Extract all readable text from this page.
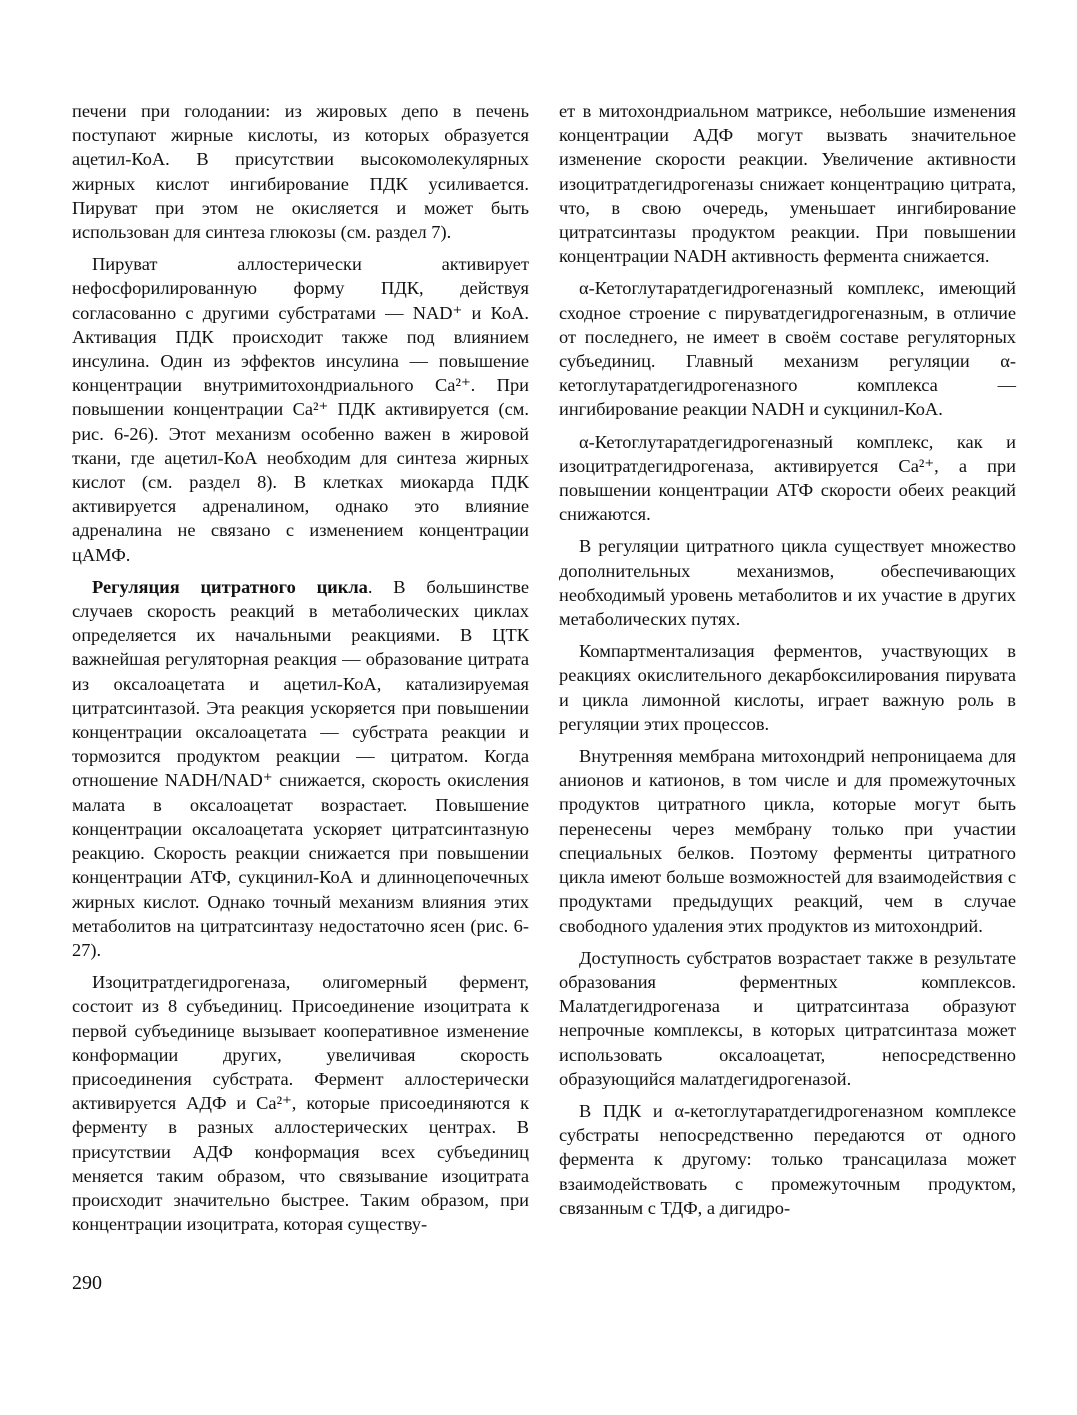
печени при голодании: из жировых депо в печень поступают жирные кислоты, из которых образуется ацетил-КоА. В присутствии высокомолекулярных жирных кислот ингибирование ПДК усиливается. Пируват при этом не окисляется и может быть использован для синтеза глюкозы (см. раздел 7).

Пируват аллостерически активирует нефосфорилированную форму ПДК, действуя согласованно с другими субстратами — NAD⁺ и КоА. Активация ПДК происходит также под влиянием инсулина. Один из эффектов инсулина — повышение концентрации внутримитохондриального Ca²⁺. При повышении концентрации Ca²⁺ ПДК активируется (см. рис. 6-26). Этот механизм особенно важен в жировой ткани, где ацетил-КоА необходим для синтеза жирных кислот (см. раздел 8). В клетках миокарда ПДК активируется адреналином, однако это влияние адреналина не связано с изменением концентрации цАМФ.

Регуляция цитратного цикла. В большинстве случаев скорость реакций в метаболических циклах определяется их начальными реакциями. В ЦТК важнейшая регуляторная реакция — образование цитрата из оксалоацетата и ацетил-КоА, катализируемая цитратсинтазой. Эта реакция ускоряется при повышении концентрации оксалоацетата — субстрата реакции и тормозится продуктом реакции — цитратом. Когда отношение NADH/NAD⁺ снижается, скорость окисления малата в оксалоацетат возрастает. Повышение концентрации оксалоацетата ускоряет цитратсинтазную реакцию. Скорость реакции снижается при повышении концентрации АТФ, сукцинил-КоА и длинноцепочечных жирных кислот. Однако точный механизм влияния этих метаболитов на цитратсинтазу недостаточно ясен (рис. 6-27).

Изоцитратдегидрогеназа, олигомерный фермент, состоит из 8 субъединиц. Присоединение изоцитрата к первой субъединице вызывает кооперативное изменение конформации других, увеличивая скорость присоединения субстрата. Фермент аллостерически активируется АДФ и Ca²⁺, которые присоединяются к ферменту в разных аллостерических центрах. В присутствии АДФ конформация всех субъединиц меняется таким образом, что связывание изоцитрата происходит значительно быстрее. Таким образом, при концентрации изоцитрата, которая существу-

ет в митохондриальном матриксе, небольшие изменения концентрации АДФ могут вызвать значительное изменение скорости реакции. Увеличение активности изоцитратдегидрогеназы снижает концентрацию цитрата, что, в свою очередь, уменьшает ингибирование цитратсинтазы продуктом реакции. При повышении концентрации NADH активность фермента снижается.

α-Кетоглутаратдегидрогеназный комплекс, имеющий сходное строение с пируватдегидрогеназным, в отличие от последнего, не имеет в своём составе регуляторных субъединиц. Главный механизм регуляции α-кетоглутаратдегидрогеназного комплекса — ингибирование реакции NADH и сукцинил-КоА.

α-Кетоглутаратдегидрогеназный комплекс, как и изоцитратдегидрогеназа, активируется Ca²⁺, а при повышении концентрации АТФ скорости обеих реакций снижаются.

В регуляции цитратного цикла существует множество дополнительных механизмов, обеспечивающих необходимый уровень метаболитов и их участие в других метаболических путях.

Компартментализация ферментов, участвующих в реакциях окислительного декарбоксилирования пирувата и цикла лимонной кислоты, играет важную роль в регуляции этих процессов.

Внутренняя мембрана митохондрий непроницаема для анионов и катионов, в том числе и для промежуточных продуктов цитратного цикла, которые могут быть перенесены через мембрану только при участии специальных белков. Поэтому ферменты цитратного цикла имеют больше возможностей для взаимодействия с продуктами предыдущих реакций, чем в случае свободного удаления этих продуктов из митохондрий.

Доступность субстратов возрастает также в результате образования ферментных комплексов. Малатдегидрогеназа и цитратсинтаза образуют непрочные комплексы, в которых цитратсинтаза может использовать оксалоацетат, непосредственно образующийся малатдегидрогеназой.

В ПДК и α-кетоглутаратдегидрогеназном комплексе субстраты непосредственно передаются от одного фермента к другому: только трансацилаза может взаимодействовать с промежуточным продуктом, связанным с ТДФ, а дигидро-

290
